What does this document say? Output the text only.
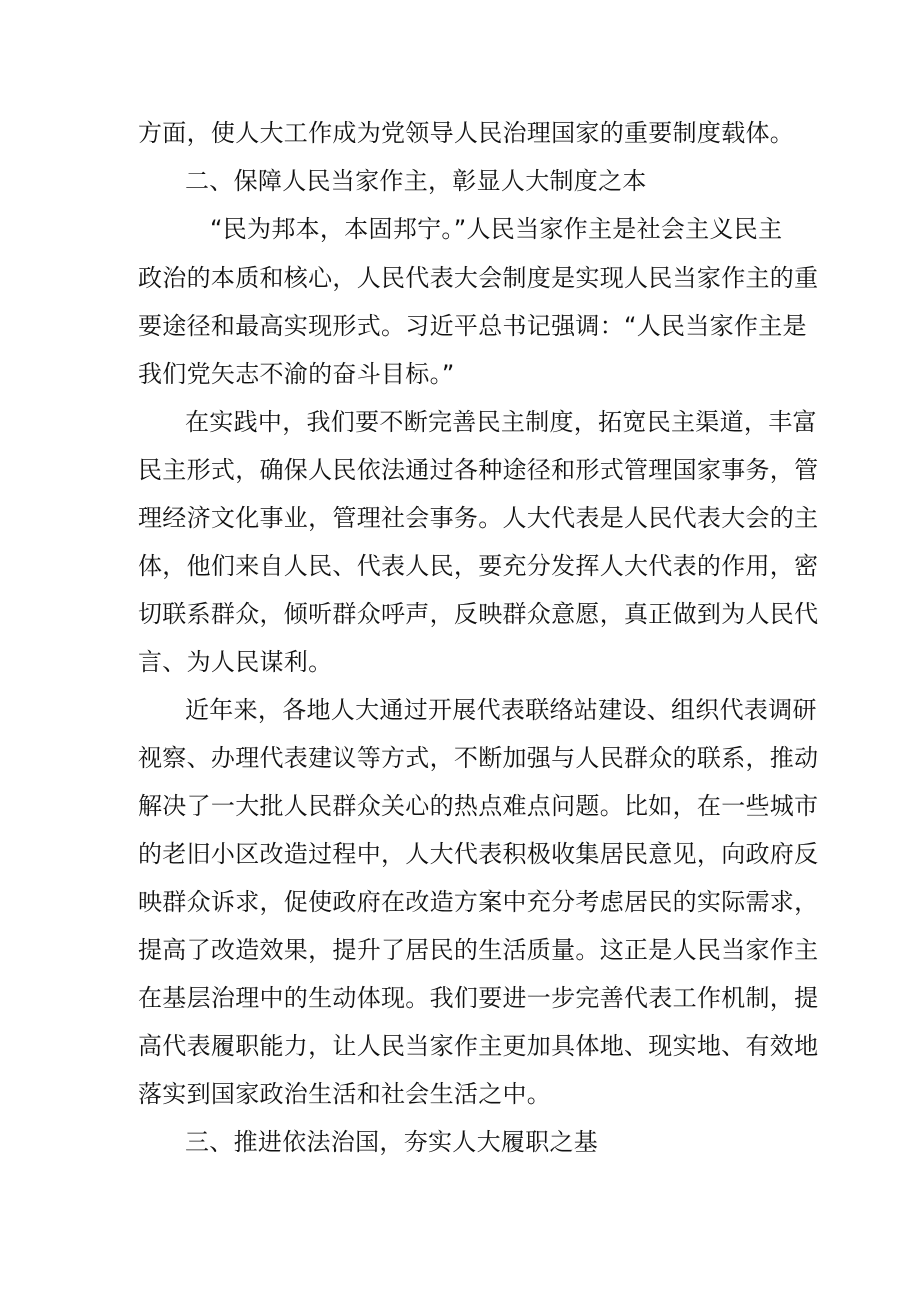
方面，使人大工作成为党领导人民治理国家的重要制度载体。

二、保障人民当家作主，彰显人大制度之本

“民为邦本，本固邦宁。”人民当家作主是社会主义民主

政治的本质和核心，人民代表大会制度是实现人民当家作主的重

要途径和最高实现形式。习近平总书记强调：“人民当家作主是

我们党矢志不渝的奋斗目标。”

在实践中，我们要不断完善民主制度，拓宽民主渠道，丰富

民主形式，确保人民依法通过各种途径和形式管理国家事务，管

理经济文化事业，管理社会事务。人大代表是人民代表大会的主

体，他们来自人民、代表人民，要充分发挥人大代表的作用，密

切联系群众，倾听群众呼声，反映群众意愿，真正做到为人民代

言、为人民谋利。

近年来，各地人大通过开展代表联络站建设、组织代表调研

视察、办理代表建议等方式，不断加强与人民群众的联系，推动

解决了一大批人民群众关心的热点难点问题。比如，在一些城市

的老旧小区改造过程中，人大代表积极收集居民意见，向政府反

映群众诉求，促使政府在改造方案中充分考虑居民的实际需求，

提高了改造效果，提升了居民的生活质量。这正是人民当家作主

在基层治理中的生动体现。我们要进一步完善代表工作机制，提

高代表履职能力，让人民当家作主更加具体地、现实地、有效地

落实到国家政治生活和社会生活之中。

三、推进依法治国，夯实人大履职之基
